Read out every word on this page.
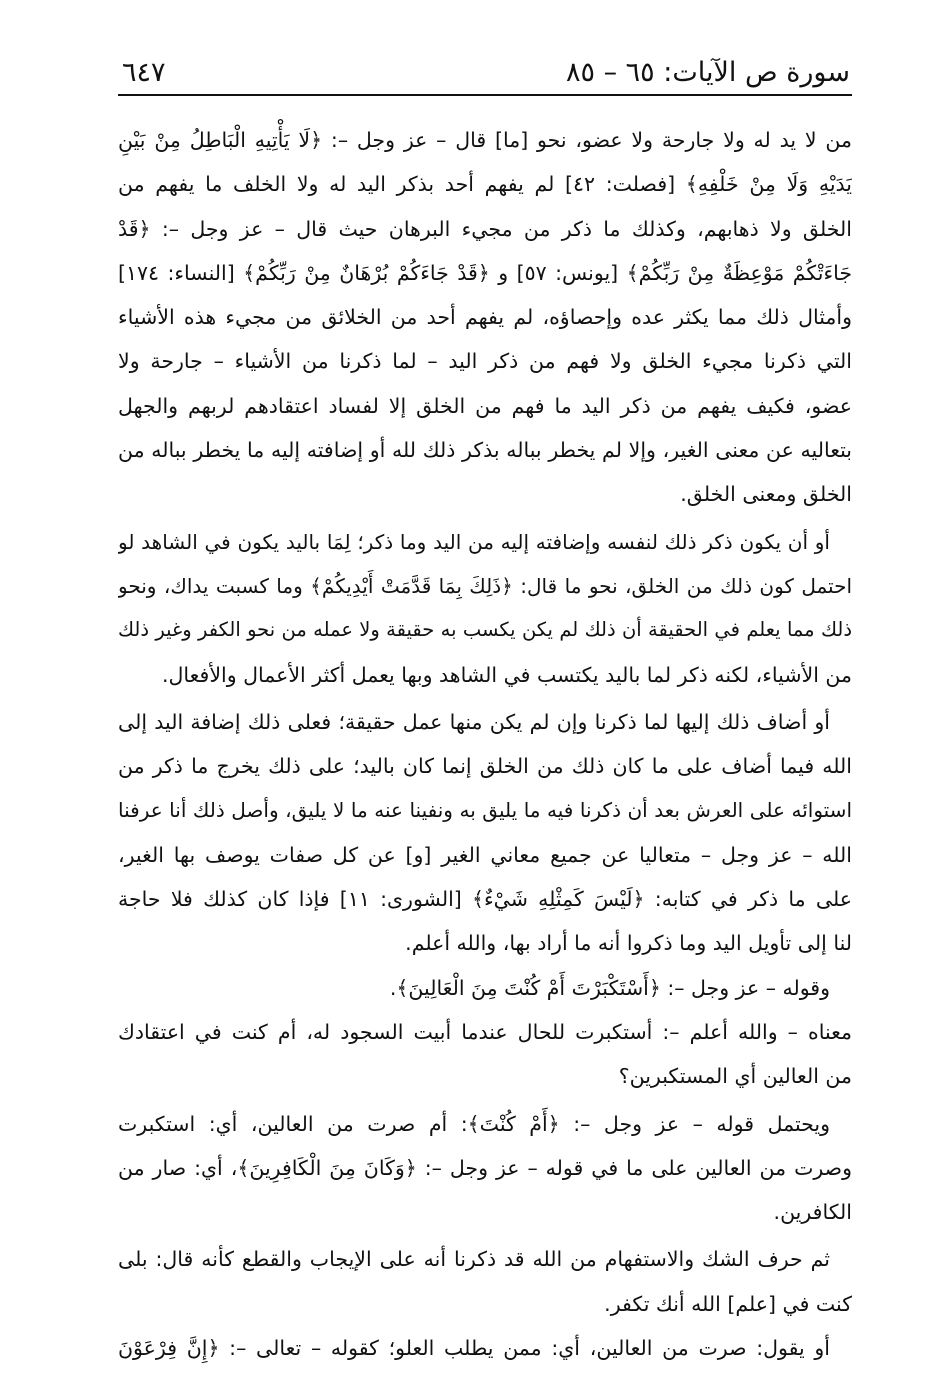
سورة ص الآيات: ٦٥ – ٨٥
٦٤٧
من لا يد له ولا جارحة ولا عضو، نحو [ما] قال – عز وجل –: ﴿لَا يَأْتِيهِ الْبَاطِلُ مِنْ بَيْنِ
يَدَيْهِ وَلَا مِنْ خَلْفِهِ﴾ [فصلت: ٤٢] لم يفهم أحد بذكر اليد له ولا الخلف ما يفهم من
الخلق ولا ذهابهم، وكذلك ما ذكر من مجيء البرهان حيث قال – عز وجل –: ﴿قَدْ
جَاءَتْكُمْ مَوْعِظَةٌ مِنْ رَبِّكُمْ﴾ [يونس: ٥٧] و ﴿قَدْ جَاءَكُمْ بُرْهَانٌ مِنْ رَبِّكُمْ﴾ [النساء: ١٧٤]
وأمثال ذلك مما يكثر عده وإحصاؤه، لم يفهم أحد من الخلائق من مجيء هذه الأشياء
التي ذكرنا مجيء الخلق ولا فهم من ذكر اليد – لما ذكرنا من الأشياء – جارحة ولا
عضو، فكيف يفهم من ذكر اليد ما فهم من الخلق إلا لفساد اعتقادهم لربهم والجهل
بتعاليه عن معنى الغير، وإلا لم يخطر بباله بذكر ذلك لله أو إضافته إليه ما يخطر بباله من
الخلق ومعنى الخلق.
أو أن يكون ذكر ذلك لنفسه وإضافته إليه من اليد وما ذكر؛ لِمَا باليد يكون في الشاهد لو
احتمل كون ذلك من الخلق، نحو ما قال: ﴿ذَلِكَ بِمَا قَدَّمَتْ أَيْدِيكُمْ﴾ وما كسبت يداك، ونحو
ذلك مما يعلم في الحقيقة أن ذلك لم يكن يكسب به حقيقة ولا عمله من نحو الكفر وغير ذلك
من الأشياء، لكنه ذكر لما باليد يكتسب في الشاهد وبها يعمل أكثر الأعمال والأفعال.
أو أضاف ذلك إليها لما ذكرنا وإن لم يكن منها عمل حقيقة؛ فعلى ذلك إضافة اليد إلى
الله فيما أضاف على ما كان ذلك من الخلق إنما كان باليد؛ على ذلك يخرج ما ذكر من
استوائه على العرش بعد أن ذكرنا فيه ما يليق به ونفينا عنه ما لا يليق، وأصل ذلك أنا عرفنا
الله – عز وجل – متعاليا عن جميع معاني الغير [و] عن كل صفات يوصف بها الغير،
على ما ذكر في كتابه: ﴿لَيْسَ كَمِثْلِهِ شَيْءٌ﴾ [الشورى: ١١] فإذا كان كذلك فلا حاجة
لنا إلى تأويل اليد وما ذكروا أنه ما أراد بها، والله أعلم.
وقوله – عز وجل –: ﴿أَسْتَكْبَرْتَ أَمْ كُنْتَ مِنَ الْعَالِينَ﴾.
معناه – والله أعلم –: أستكبرت للحال عندما أبيت السجود له، أم كنت في اعتقادك
من العالين أي المستكبرين؟
ويحتمل قوله – عز وجل –: ﴿أَمْ كُنْتَ﴾: أم صرت من العالين، أي: استكبرت
وصرت من العالين على ما في قوله – عز وجل –: ﴿وَكَانَ مِنَ الْكَافِرِينَ﴾، أي: صار من
الكافرين.
ثم حرف الشك والاستفهام من الله قد ذكرنا أنه على الإيجاب والقطع كأنه قال: بلى
كنت في [علم] الله أنك تكفر.
أو يقول: صرت من العالين، أي: ممن يطلب العلو؛ كقوله – تعالى –: ﴿إِنَّ فِرْعَوْنَ
